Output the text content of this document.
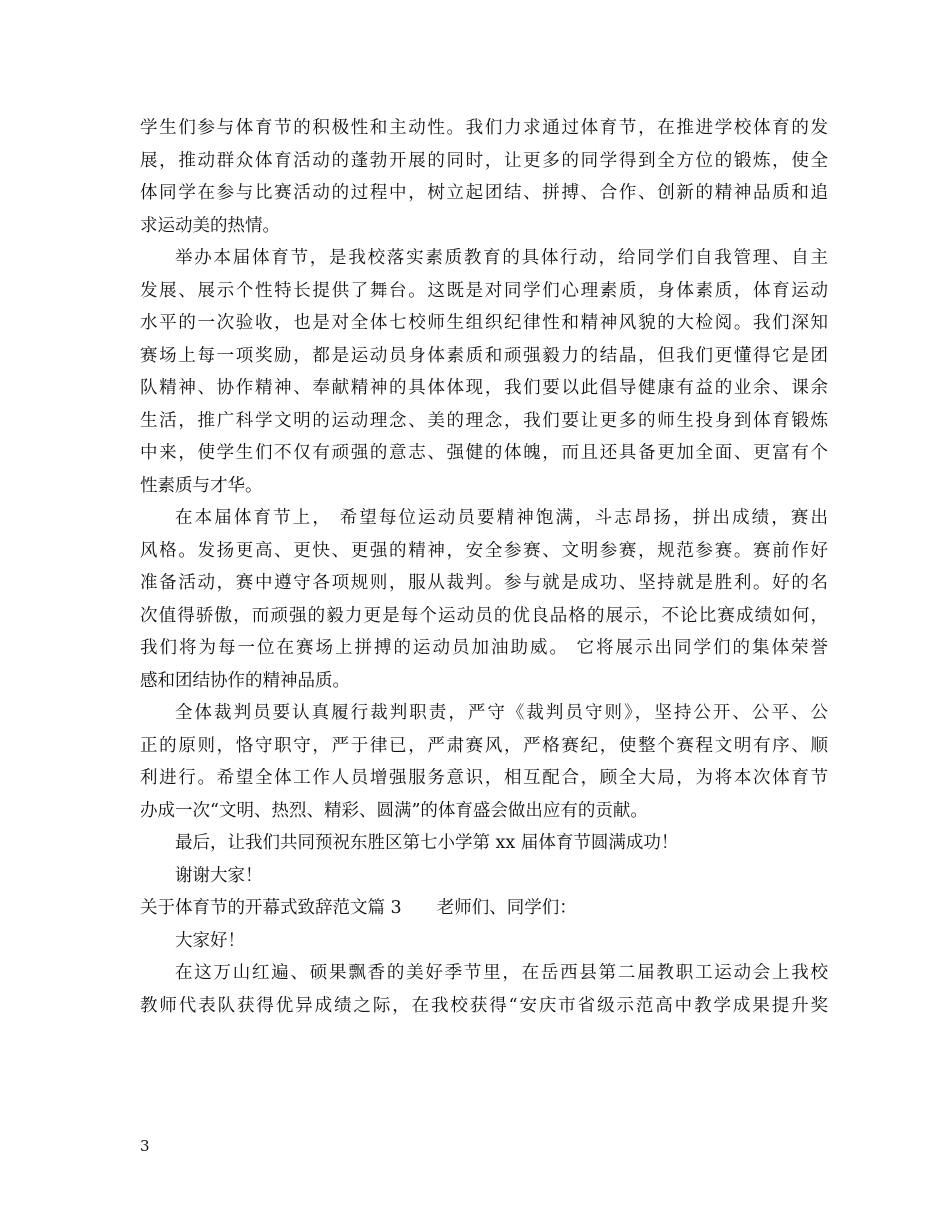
学生们参与体育节的积极性和主动性。我们力求通过体育节，在推进学校体育的发
展，推动群众体育活动的蓬勃开展的同时，让更多的同学得到全方位的锻炼，使全
体同学在参与比赛活动的过程中，树立起团结、拼搏、合作、创新的精神品质和追
求运动美的热情。
举办本届体育节，是我校落实素质教育的具体行动，给同学们自我管理、自主
发展、展示个性特长提供了舞台。这既是对同学们心理素质，身体素质，体育运动
水平的一次验收，也是对全体七校师生组织纪律性和精神风貌的大检阅。我们深知
赛场上每一项奖励，都是运动员身体素质和顽强毅力的结晶，但我们更懂得它是团
队精神、协作精神、奉献精神的具体体现，我们要以此倡导健康有益的业余、课余
生活，推广科学文明的运动理念、美的理念，我们要让更多的师生投身到体育锻炼
中来，使学生们不仅有顽强的意志、强健的体魄，而且还具备更加全面、更富有个
性素质与才华。
在本届体育节上， 希望每位运动员要精神饱满，斗志昂扬，拼出成绩，赛出
风格。发扬更高、更快、更强的精神，安全参赛、文明参赛，规范参赛。赛前作好
准备活动，赛中遵守各项规则，服从裁判。参与就是成功、坚持就是胜利。好的名
次值得骄傲，而顽强的毅力更是每个运动员的优良品格的展示，不论比赛成绩如何，
我们将为每一位在赛场上拼搏的运动员加油助威。 它将展示出同学们的集体荣誉
感和团结协作的精神品质。
全体裁判员要认真履行裁判职责，严守《裁判员守则》，坚持公开、公平、公
正的原则，恪守职守，严于律已，严肃赛风，严格赛纪，使整个赛程文明有序、顺
利进行。希望全体工作人员增强服务意识，相互配合，顾全大局，为将本次体育节
办成一次“文明、热烈、精彩、圆满”的体育盛会做出应有的贡献。
最后，让我们共同预祝东胜区第七小学第 xx 届体育节圆满成功！
谢谢大家！
关于体育节的开幕式致辞范文篇 3　　老师们、同学们：
大家好！
在这万山红遍、硕果飘香的美好季节里，在岳西县第二届教职工运动会上我校
教师代表队获得优异成绩之际，在我校获得“安庆市省级示范高中教学成果提升奖
3
